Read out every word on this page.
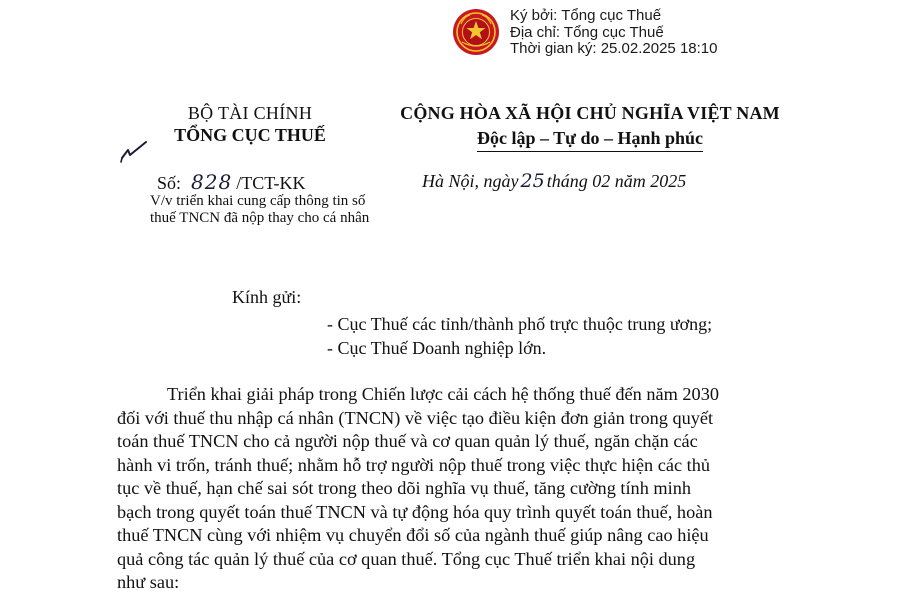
Ký bởi: Tổng cục Thuế
Địa chỉ: Tổng cục Thuế
Thời gian ký: 25.02.2025 18:10
BỘ TÀI CHÍNH
TỔNG CỤC THUẾ
Số: 828 /TCT-KK
V/v triển khai cung cấp thông tin số thuế TNCN đã nộp thay cho cá nhân
CỘNG HÒA XÃ HỘI CHỦ NGHĨA VIỆT NAM
Độc lập – Tự do – Hạnh phúc
Hà Nội, ngày 25 tháng 02 năm 2025
Kính gửi:
- Cục Thuế các tỉnh/thành phố trực thuộc trung ương;
- Cục Thuế Doanh nghiệp lớn.
Triển khai giải pháp trong Chiến lược cải cách hệ thống thuế đến năm 2030
đối với thuế thu nhập cá nhân (TNCN) về việc tạo điều kiện đơn giản trong quyết
toán thuế TNCN cho cả người nộp thuế và cơ quan quản lý thuế, ngăn chặn các
hành vi trốn, tránh thuế; nhằm hỗ trợ người nộp thuế trong việc thực hiện các thủ
tục về thuế, hạn chế sai sót trong theo dõi nghĩa vụ thuế, tăng cường tính minh
bạch trong quyết toán thuế TNCN và tự động hóa quy trình quyết toán thuế, hoàn
thuế TNCN cùng với nhiệm vụ chuyển đổi số của ngành thuế giúp nâng cao hiệu
quả công tác quản lý thuế của cơ quan thuế. Tổng cục Thuế triển khai nội dung
như sau:
